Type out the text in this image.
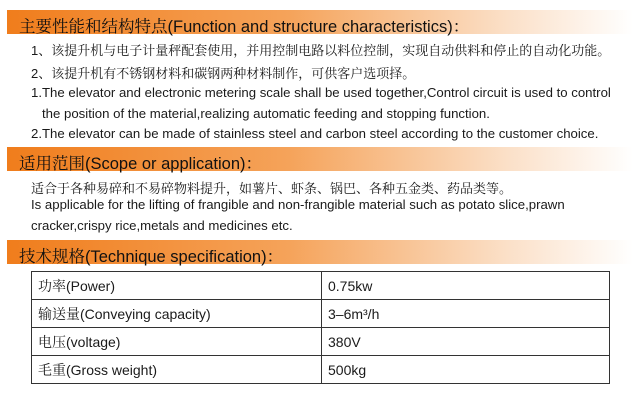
主要性能和结构特点(Function and structure characteristics)：
1、该提升机与电子计量秤配套使用，并用控制电路以料位控制，实现自动供料和停止的自动化功能。
2、该提升机有不锈钢材料和碳钢两种材料制作，可供客户选项择。
1.The elevator and electronic metering scale shall be used together,Control circuit is used to control
the position of the material,realizing automatic feeding and stopping function.
2.The elevator can be made of stainless steel and carbon steel according to the customer choice.
适用范围(Scope or application)：
适合于各种易碎和不易碎物料提升，如薯片、虾条、锅巴、各种五金类、药品类等。
Is applicable for the lifting of frangible and non-frangible material such as potato slice,prawn
cracker,crispy rice,metals and medicines etc.
技术规格(Technique specification)：
功率(Power)	0.75kw
输送量(Conveying capacity)	3–6m³/h
电压(voltage)	380V
毛重(Gross weight)	500kg
